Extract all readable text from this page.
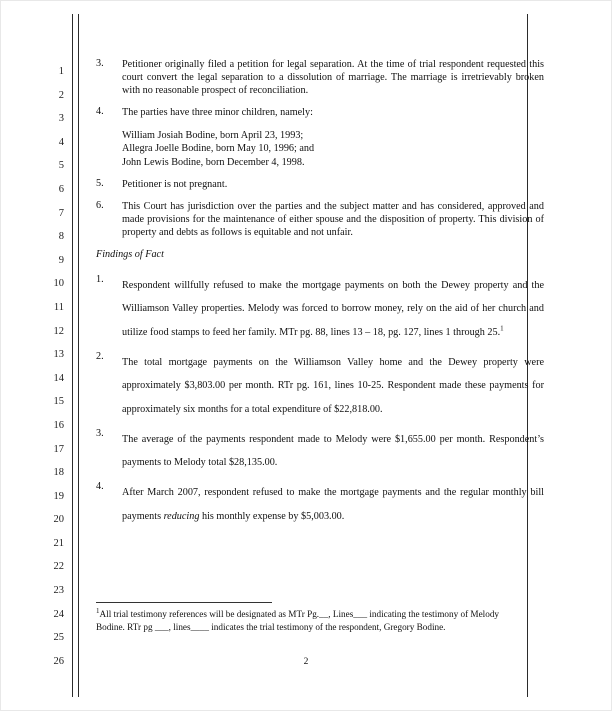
1
2
3
4
5
6
7
8
9
10
11
12
13
14
15
16
17
18
19
20
21
22
23
24
25
26
3.	Petitioner originally filed a petition for legal separation. At the time of trial respondent requested this court convert the legal separation to a dissolution of marriage. The marriage is irretrievably broken with no reasonable prospect of reconciliation.
4.	The parties have three minor children, namely:
William Josiah Bodine, born April 23, 1993;
Allegra Joelle Bodine, born May 10, 1996; and
John Lewis Bodine, born December 4, 1998.
5.	Petitioner is not pregnant.
6.	This Court has jurisdiction over the parties and the subject matter and has considered, approved and made provisions for the maintenance of either spouse and the disposition of property. This division of property and debts as follows is equitable and not unfair.
Findings of Fact
1.
Respondent willfully refused to make the mortgage payments on both the Dewey property and the Williamson Valley properties. Melody was forced to borrow money, rely on the aid of her church and utilize food stamps to feed her family. MTr pg. 88, lines 13 – 18, pg. 127, lines 1 through 25.$^1$
2.
The total mortgage payments on the Williamson Valley home and the Dewey property were approximately $3,803.00 per month. RTr pg. 161, lines 10-25. Respondent made these payments for approximately six months for a total expenditure of $22,818.00.
3.
The average of the payments respondent made to Melody were $1,655.00 per month. Respondent’s payments to Melody total $28,135.00.
4.
After March 2007, respondent refused to make the mortgage payments and the regular monthly bill payments reducing his monthly expense by $5,003.00.
$^1$All trial testimony references will be designated as MTr Pg.__, Lines___ indicating the testimony of Melody Bodine. RTr pg ___, lines____ indicates the trial testimony of the respondent, Gregory Bodine.
2
